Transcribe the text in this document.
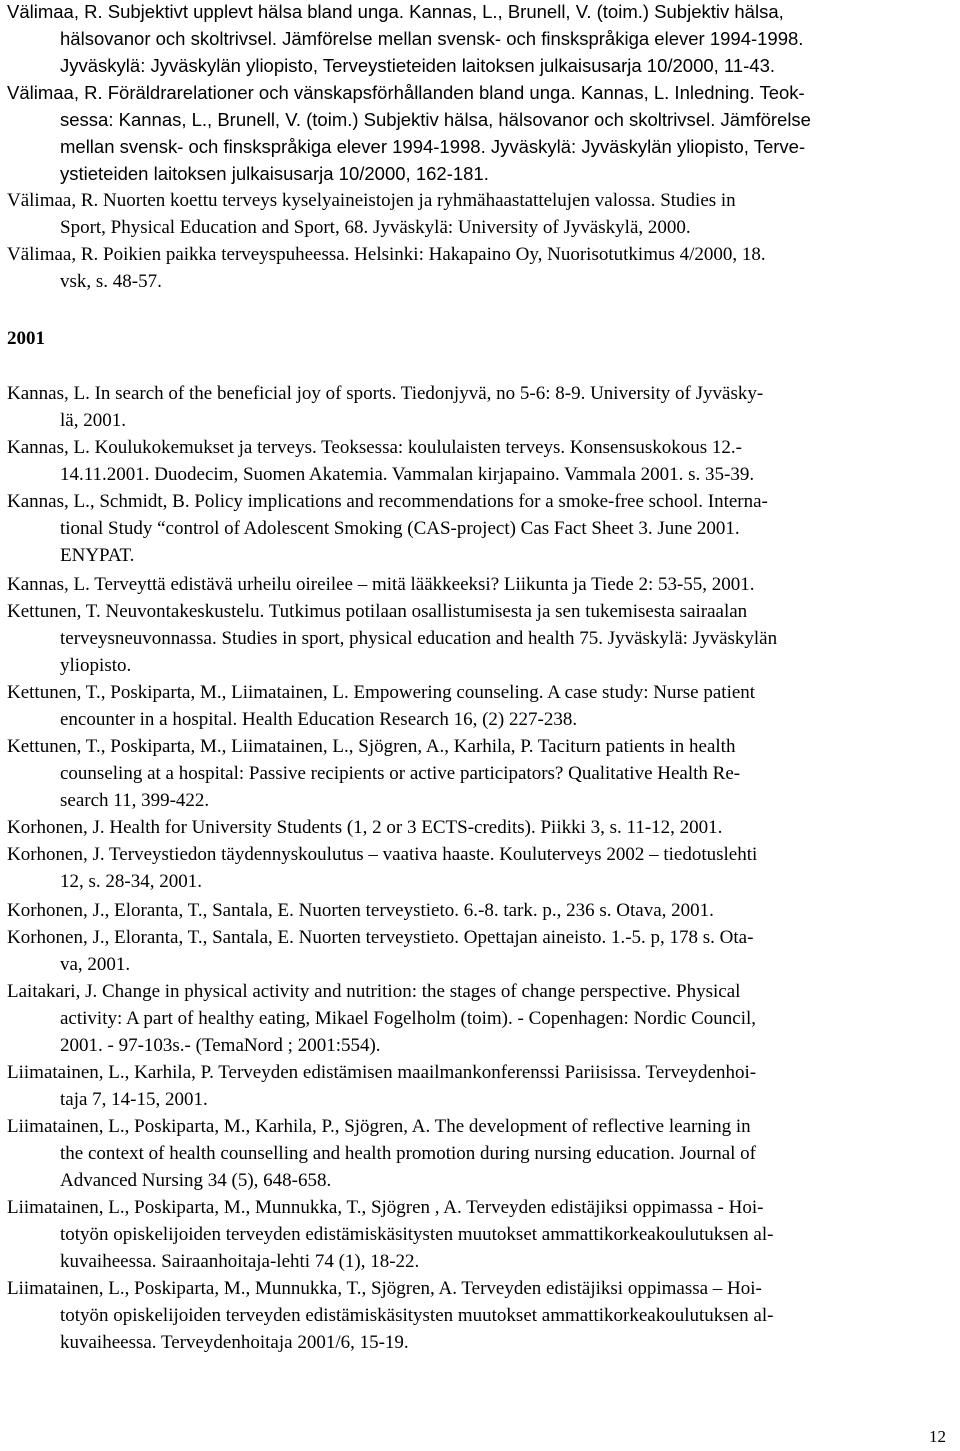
Välimaa, R. Subjektivt upplevt hälsa bland unga. Kannas, L., Brunell, V. (toim.) Subjektiv hälsa,
hälsovanor och skoltrivsel. Jämförelse mellan svensk- och finskspråkiga elever 1994-1998.
Jyväskylä: Jyväskylän yliopisto, Terveystieteiden laitoksen julkaisusarja 10/2000, 11-43.
Välimaa, R. Föräldrarelationer och vänskapsförhållanden bland unga. Kannas, L. Inledning. Teok-
sessa: Kannas, L., Brunell, V. (toim.) Subjektiv hälsa, hälsovanor och skoltrivsel. Jämförelse
mellan svensk- och finskspråkiga elever 1994-1998. Jyväskylä: Jyväskylän yliopisto, Terve-
ystieteiden laitoksen julkaisusarja 10/2000, 162-181.
Välimaa, R. Nuorten koettu terveys kyselyaineistojen ja ryhmähaastattelujen valossa. Studies in
Sport, Physical Education and Sport, 68. Jyväskylä: University of Jyväskylä, 2000.
Välimaa, R. Poikien paikka terveyspuheessa. Helsinki: Hakapaino Oy, Nuorisotutkimus 4/2000, 18.
vsk, s. 48-57.
Kannas, L. In search of the beneficial joy of sports. Tiedonjyvä, no 5-6: 8-9. University of Jyväsky-
lä, 2001.
Kannas, L. Koulukokemukset ja terveys. Teoksessa: koululaisten terveys. Konsensuskokous 12.-
14.11.2001. Duodecim, Suomen Akatemia. Vammalan kirjapaino. Vammala 2001. s. 35-39.
Kannas, L., Schmidt, B. Policy implications and recommendations for a smoke-free school. Interna-
tional Study “control of Adolescent Smoking (CAS-project) Cas Fact Sheet 3. June 2001.
ENYPAT.
Kannas, L. Terveyttä edistävä urheilu oireilee – mitä lääkkeeksi? Liikunta ja Tiede 2: 53-55, 2001.
Kettunen, T. Neuvontakeskustelu. Tutkimus potilaan osallistumisesta ja sen tukemisesta sairaalan
terveysneuvonnassa. Studies in sport, physical education and health 75. Jyväskylä: Jyväskylän
yliopisto.
Kettunen, T., Poskiparta, M., Liimatainen, L. Empowering counseling. A case study: Nurse patient
encounter in a hospital. Health Education Research 16, (2) 227-238.
Kettunen, T., Poskiparta, M., Liimatainen, L., Sjögren, A., Karhila, P. Taciturn patients in health
counseling at a hospital: Passive recipients or active participators? Qualitative Health Re-
search 11, 399-422.
Korhonen, J. Health for University Students (1, 2 or 3 ECTS-credits). Piikki 3, s. 11-12, 2001.
Korhonen, J. Terveystiedon täydennyskoulutus – vaativa haaste. Kouluterveys 2002 – tiedotuslehti
12, s. 28-34, 2001.
Korhonen, J., Eloranta, T., Santala, E. Nuorten terveystieto. 6.-8. tark. p., 236 s. Otava, 2001.
Korhonen, J., Eloranta, T., Santala, E. Nuorten terveystieto. Opettajan aineisto. 1.-5. p, 178 s. Ota-
va, 2001.
Laitakari, J. Change in physical activity and nutrition: the stages of change perspective. Physical
activity: A part of healthy eating, Mikael Fogelholm (toim). - Copenhagen: Nordic Council,
2001. - 97-103s.- (TemaNord ; 2001:554).
Liimatainen, L., Karhila, P. Terveyden edistämisen maailmankonferenssi Pariisissa. Terveydenhoi-
taja 7, 14-15, 2001.
Liimatainen, L., Poskiparta, M., Karhila, P., Sjögren, A. The development of reflective learning in
the context of health counselling and health promotion during nursing education. Journal of
Advanced Nursing 34 (5), 648-658.
Liimatainen, L., Poskiparta, M., Munnukka, T., Sjögren , A. Terveyden edistäjiksi oppimassa - Hoi-
totyön opiskelijoiden terveyden edistämiskäsitysten muutokset ammattikorkeakoulutuksen al-
kuvaiheessa. Sairaanhoitaja-lehti 74 (1), 18-22.
Liimatainen, L., Poskiparta, M., Munnukka, T., Sjögren, A. Terveyden edistäjiksi oppimassa – Hoi-
totyön opiskelijoiden terveyden edistämiskäsitysten muutokset ammattikorkeakoulutuksen al-
kuvaiheessa. Terveydenhoitaja 2001/6, 15-19.
2001
12
